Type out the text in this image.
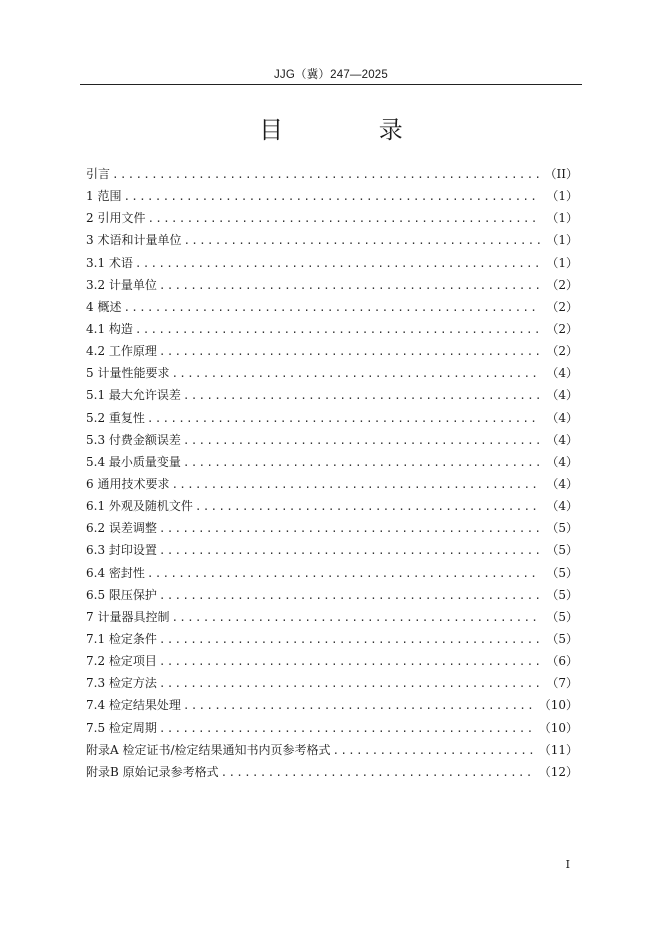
JJG（冀）247—2025
目 录
引言 .....	（II）
1 范围 .....	（1）
2 引用文件 .....	（1）
3 术语和计量单位 .....	（1）
3.1 术语 .....	（1）
3.2 计量单位 .....	（2）
4 概述 .....	（2）
4.1 构造 .....	（2）
4.2 工作原理 .....	（2）
5 计量性能要求 .....	（4）
5.1 最大允许误差 .....	（4）
5.2 重复性 .....	（4）
5.3 付费金额误差 .....	（4）
5.4 最小质量变量 .....	（4）
6 通用技术要求 .....	（4）
6.1 外观及随机文件 .....	（4）
6.2 误差调整 .....	（5）
6.3 封印设置 .....	（5）
6.4 密封性 .....	（5）
6.5 限压保护 .....	（5）
7 计量器具控制 .....	（5）
7.1 检定条件 .....	（5）
7.2 检定项目 .....	（6）
7.3 检定方法 .....	（7）
7.4 检定结果处理 .....	（10）
7.5 检定周期 .....	（10）
附录A 检定证书/检定结果通知书内页参考格式 .....	（11）
附录B 原始记录参考格式 .....	（12）
I
